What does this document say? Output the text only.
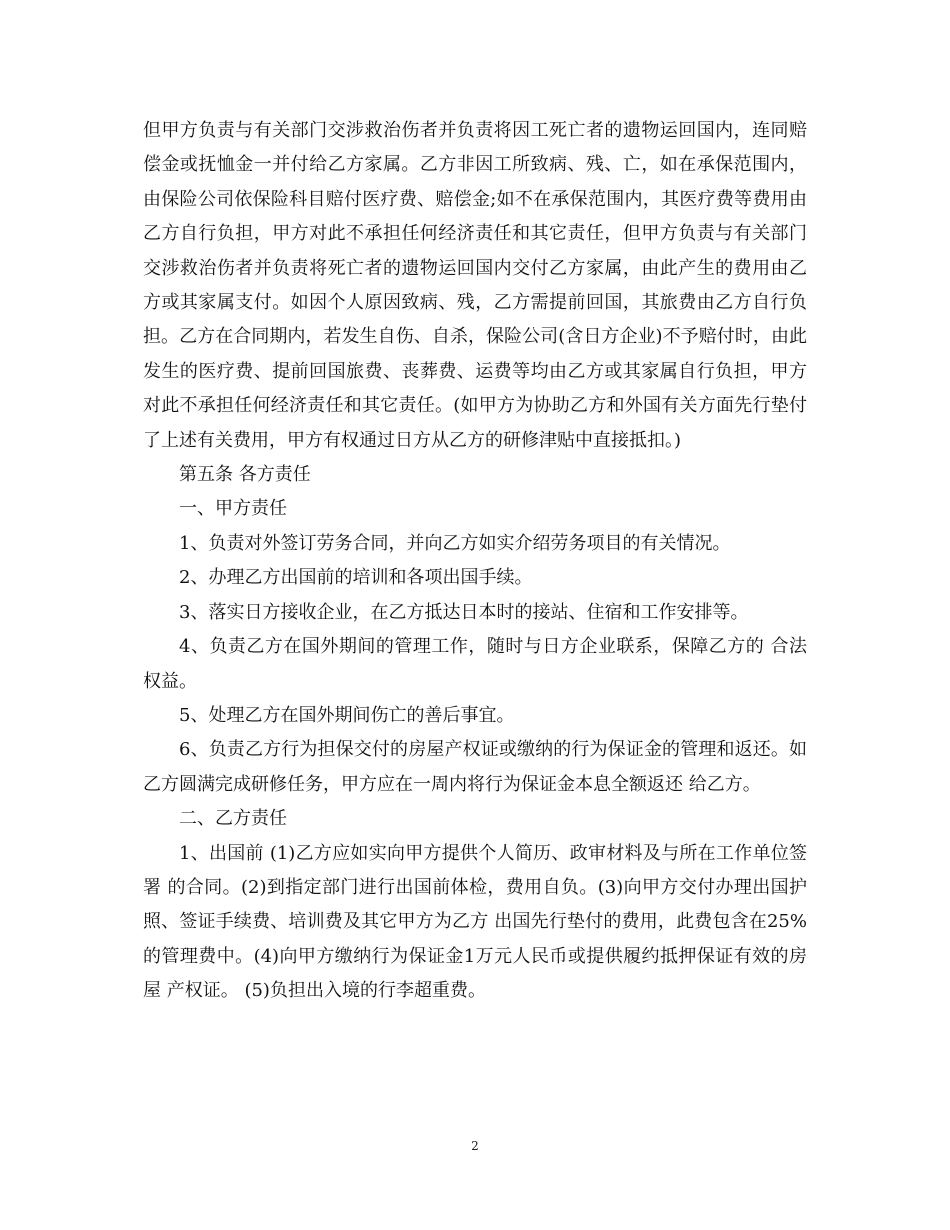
但甲方负责与有关部门交涉救治伤者并负责将因工死亡者的遗物运回国内，连同赔偿金或抚恤金一并付给乙方家属。乙方非因工所致病、残、亡，如在承保范围内，由保险公司依保险科目赔付医疗费、赔偿金;如不在承保范围内，其医疗费等费用由乙方自行负担，甲方对此不承担任何经济责任和其它责任，但甲方负责与有关部门交涉救治伤者并负责将死亡者的遗物运回国内交付乙方家属，由此产生的费用由乙方或其家属支付。如因个人原因致病、残，乙方需提前回国，其旅费由乙方自行负担。乙方在合同期内，若发生自伤、自杀，保险公司(含日方企业)不予赔付时，由此发生的医疗费、提前回国旅费、丧葬费、运费等均由乙方或其家属自行负担，甲方对此不承担任何经济责任和其它责任。(如甲方为协助乙方和外国有关方面先行垫付了上述有关费用，甲方有权通过日方从乙方的研修津贴中直接抵扣。)

第五条 各方责任

一、甲方责任

1、负责对外签订劳务合同，并向乙方如实介绍劳务项目的有关情况。

2、办理乙方出国前的培训和各项出国手续。

3、落实日方接收企业，在乙方抵达日本时的接站、住宿和工作安排等。

4、负责乙方在国外期间的管理工作，随时与日方企业联系，保障乙方的 合法权益。

5、处理乙方在国外期间伤亡的善后事宜。

6、负责乙方行为担保交付的房屋产权证或缴纳的行为保证金的管理和返还。如乙方圆满完成研修任务，甲方应在一周内将行为保证金本息全额返还 给乙方。

二、乙方责任

1、出国前 (1)乙方应如实向甲方提供个人简历、政审材料及与所在工作单位签署 的合同。(2)到指定部门进行出国前体检，费用自负。(3)向甲方交付办理出国护照、签证手续费、培训费及其它甲方为乙方 出国先行垫付的费用，此费包含在25%的管理费中。(4)向甲方缴纳行为保证金1万元人民币或提供履约抵押保证有效的房屋 产权证。 (5)负担出入境的行李超重费。

2
